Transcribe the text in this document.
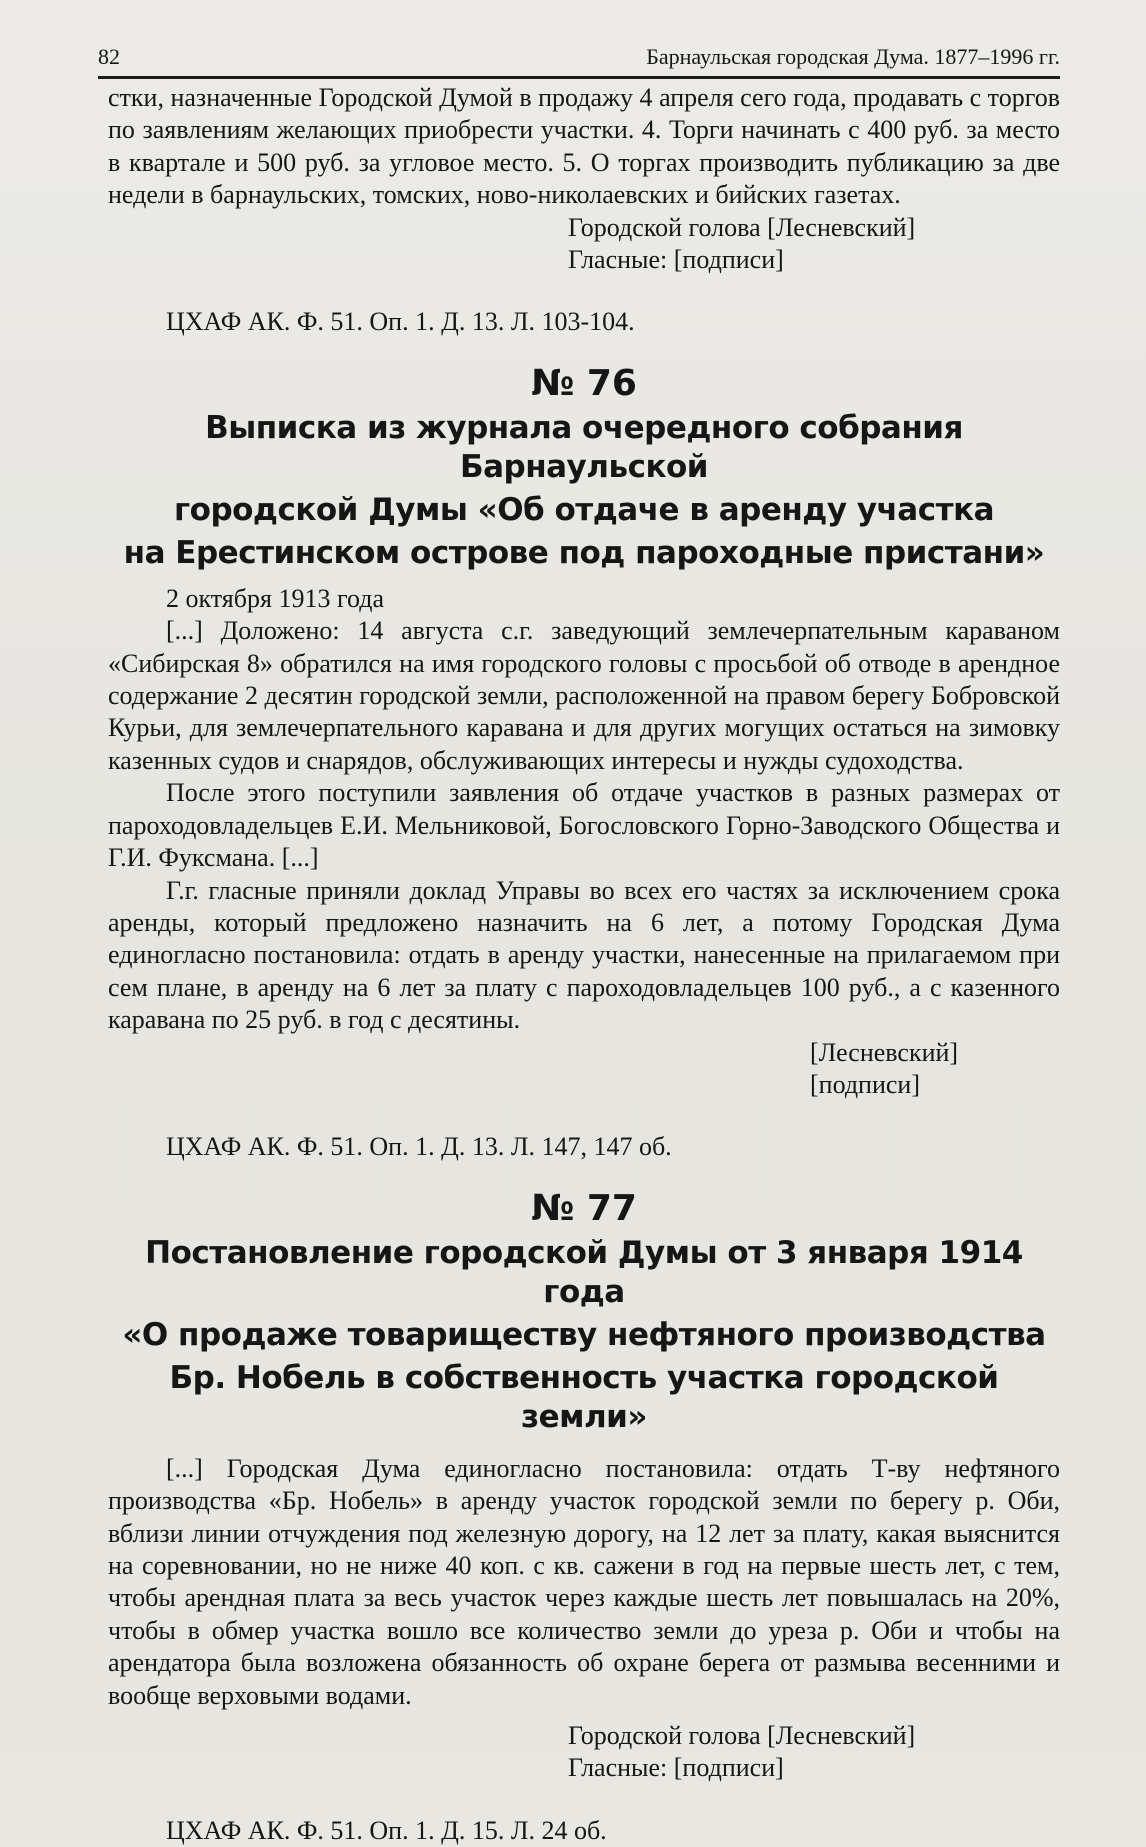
82	Барнаульская городская Дума. 1877–1996 гг.

стки, назначенные Городской Думой в продажу 4 апреля сего года, продавать с торгов по заявлениям желающих приобрести участки. 4. Торги начинать с 400 руб. за место в квартале и 500 руб. за угловое место. 5. О торгах производить публикацию за две недели в барнаульских, томских, ново-николаевских и бийских газетах.

Городской голова [Лесневский]

Гласные: [подписи]

ЦХАФ АК. Ф. 51. Оп. 1. Д. 13. Л. 103-104.

№ 76
Выписка из журнала очередного собрания Барнаульской
городской Думы «Об отдаче в аренду участка
на Ерестинском острове под пароходные пристани»

2 октября 1913 года

[...] Доложено: 14 августа с.г. заведующий землечерпательным караваном «Сибирская 8» обратился на имя городского головы с просьбой об отводе в арендное содержание 2 десятин городской земли, расположенной на правом берегу Бобровской Курьи, для землечерпательного каравана и для других могущих остаться на зимовку казенных судов и снарядов, обслуживающих интересы и нужды судоходства.

После этого поступили заявления об отдаче участков в разных размерах от пароходовладельцев Е.И. Мельниковой, Богословского Горно-Заводского Общества и Г.И. Фуксмана. [...]

Г.г. гласные приняли доклад Управы во всех его частях за исключением срока аренды, который предложено назначить на 6 лет, а потому Городская Дума единогласно постановила: отдать в аренду участки, нанесенные на прилагаемом при сем плане, в аренду на 6 лет за плату с пароходовладельцев 100 руб., а с казенного каравана по 25 руб. в год с десятины.

[Лесневский]

[подписи]

ЦХАФ АК. Ф. 51. Оп. 1. Д. 13. Л. 147, 147 об.

№ 77
Постановление городской Думы от 3 января 1914 года
«О продаже товариществу нефтяного производства
Бр. Нобель в собственность участка городской земли»

[...] Городская Дума единогласно постановила: отдать Т-ву нефтяного производства «Бр. Нобель» в аренду участок городской земли по берегу р. Оби, вблизи линии отчуждения под железную дорогу, на 12 лет за плату, какая выяснится на соревновании, но не ниже 40 коп. с кв. сажени в год на первые шесть лет, с тем, чтобы арендная плата за весь участок через каждые шесть лет повышалась на 20%, чтобы в обмер участка вошло все количество земли до уреза р. Оби и чтобы на арендатора была возложена обязанность об охране берега от размыва весенними и вообще верховыми водами.

Городской голова [Лесневский]

Гласные: [подписи]

ЦХАФ АК. Ф. 51. Оп. 1. Д. 15. Л. 24 об.
